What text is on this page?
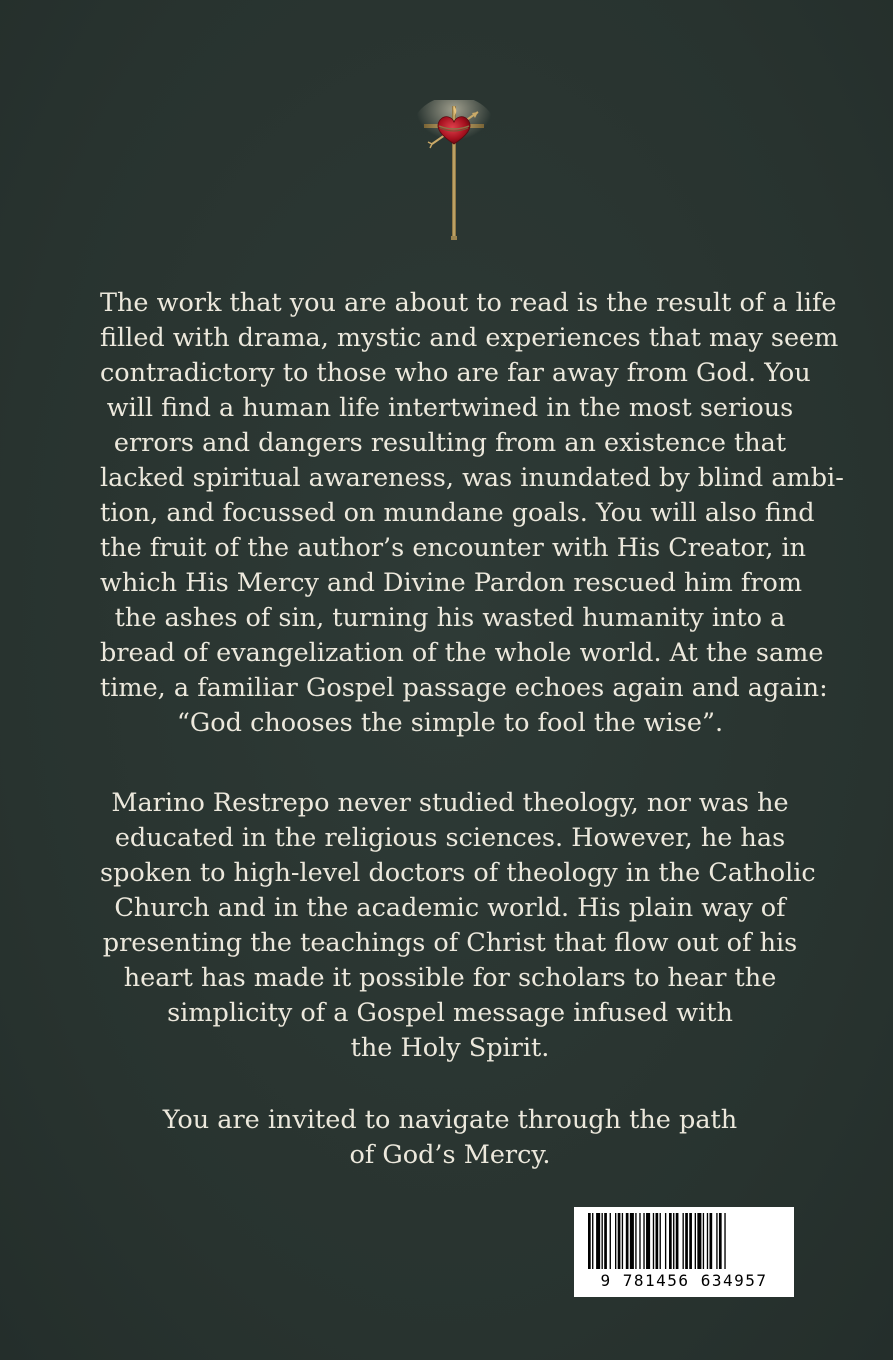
The work that you are about to read is the result of a life
filled with drama, mystic and experiences that may seem
contradictory to those who are far away from God. You
will find a human life intertwined in the most serious
errors and dangers resulting from an existence that
lacked spiritual awareness, was inundated by blind ambi-
tion, and focussed on mundane goals. You will also find
the fruit of the author’s encounter with His Creator, in
which His Mercy and Divine Pardon rescued him from
the ashes of sin, turning his wasted humanity into a
bread of evangelization of the whole world. At the same
time, a familiar Gospel passage echoes again and again:
“God chooses the simple to fool the wise”.

Marino Restrepo never studied theology, nor was he
educated in the religious sciences. However, he has
spoken to high-level doctors of theology in the Catholic
Church and in the academic world. His plain way of
presenting the teachings of Christ that flow out of his
heart has made it possible for scholars to hear the
simplicity of a Gospel message infused with
the Holy Spirit.

You are invited to navigate through the path
of God’s Mercy.

9 781456 634957
